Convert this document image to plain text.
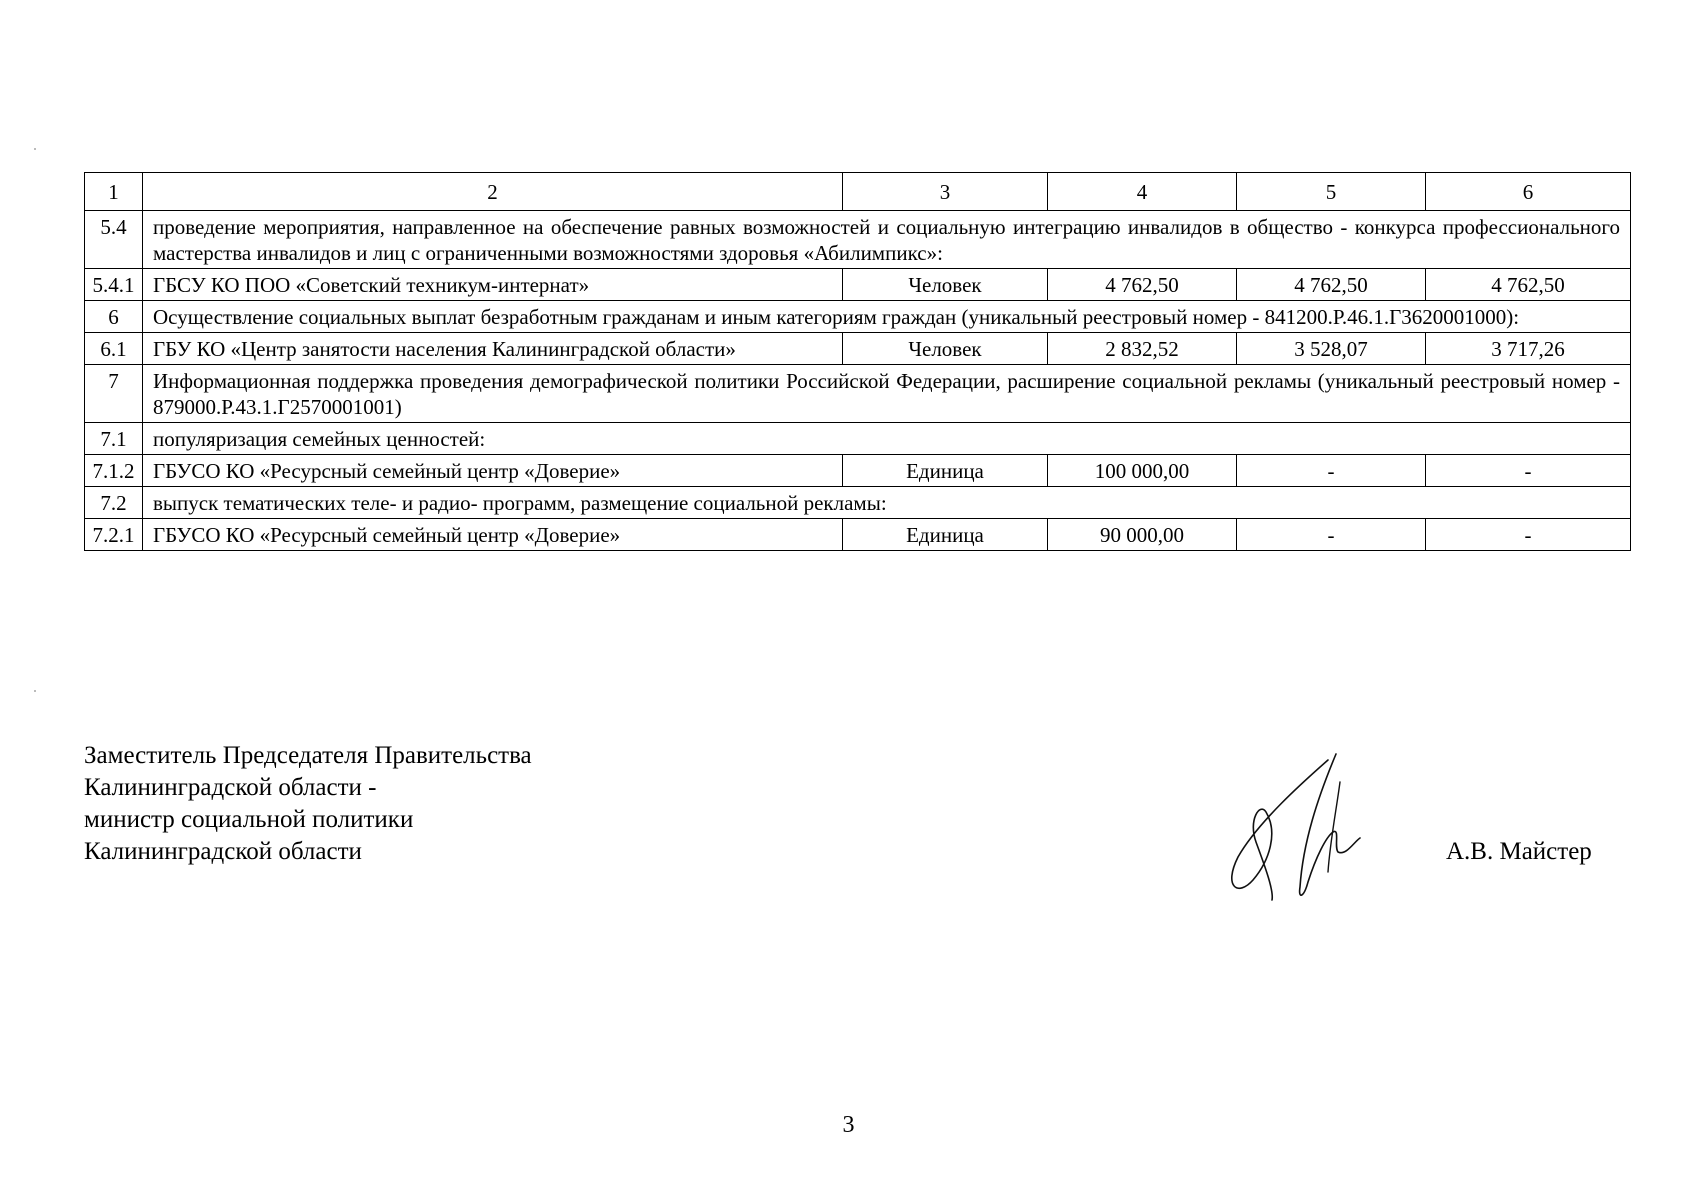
1	2	3	4	5	6
5.4	проведение мероприятия, направленное на обеспечение равных возможностей и социальную интеграцию инвалидов в общество - конкурса профессионального мастерства инвалидов и лиц с ограниченными возможностями здоровья «Абилимпикс»:				
5.4.1	ГБСУ КО ПОО «Советский техникум-интернат»	Человек	4 762,50	4 762,50	4 762,50
6	Осуществление социальных выплат безработным гражданам и иным категориям граждан (уникальный реестровый номер - 841200.Р.46.1.Г3620001000):				
6.1	ГБУ КО «Центр занятости населения Калининградской области»	Человек	2 832,52	3 528,07	3 717,26
7	Информационная поддержка проведения демографической политики Российской Федерации, расширение социальной рекламы (уникальный реестровый номер - 879000.Р.43.1.Г2570001001)				
7.1	популяризация семейных ценностей:				
7.1.2	ГБУСО КО «Ресурсный семейный центр «Доверие»	Единица	100 000,00	-	-
7.2	выпуск тематических теле- и радио- программ, размещение социальной рекламы:				
7.2.1	ГБУСО КО «Ресурсный семейный центр «Доверие»	Единица	90 000,00	-	-
Заместитель Председателя Правительства
Калининградской области -
министр социальной политики
Калининградской области	А.В. Майстер
3
